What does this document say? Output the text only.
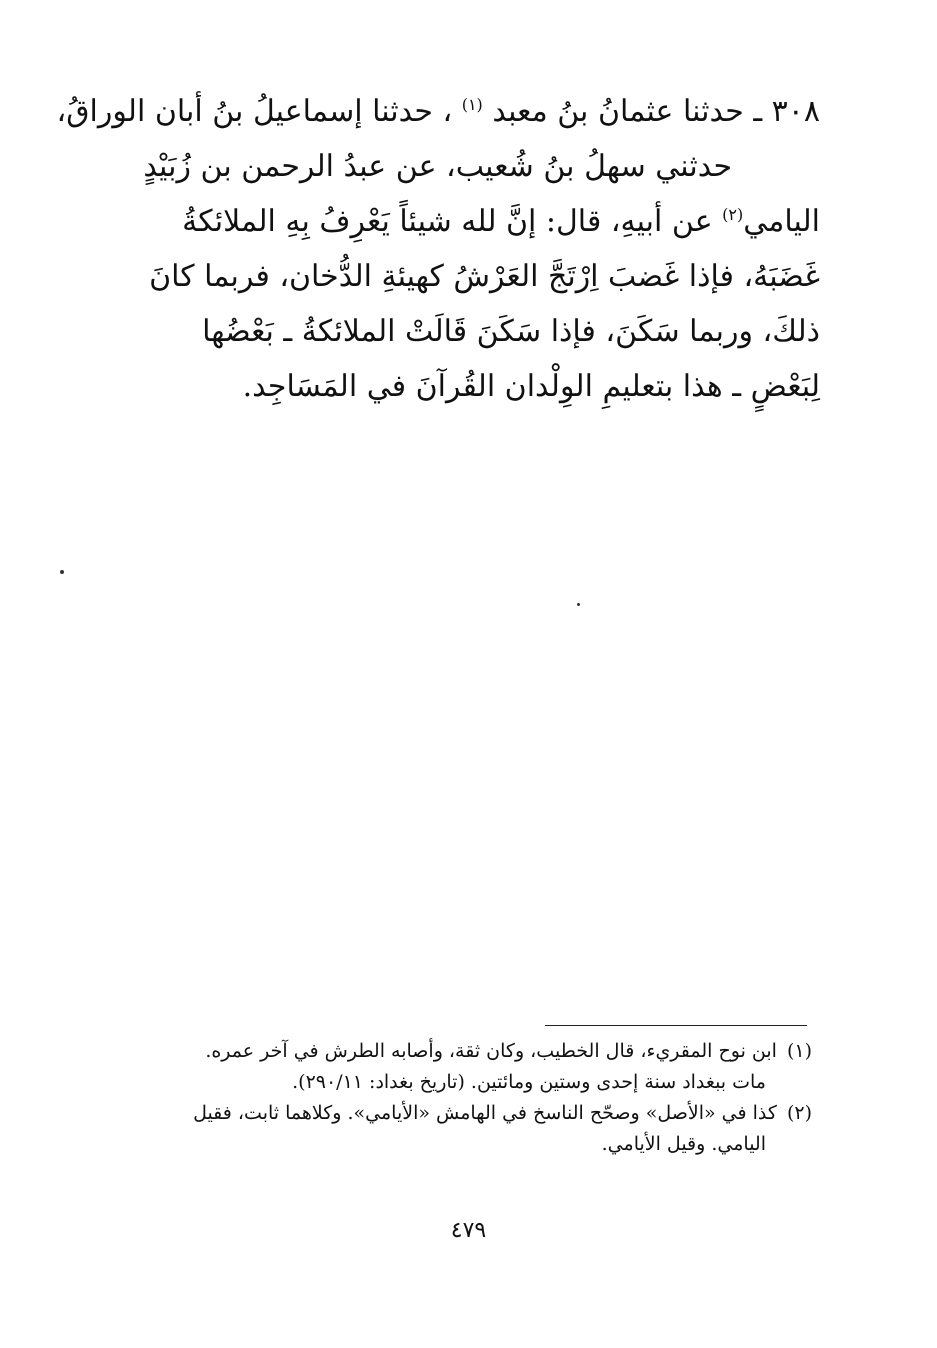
٣٠٨ ـ حدثنا عثمانُ بنُ معبد $^{(١)}$ ، حدثنا إسماعيلُ بنُ أبان الوراقُ،
حدثني سهلُ بنُ شُعيب، عن عبدُ الرحمن بن زُبَيْدٍ
اليامي$^{(٢)}$ عن أبيهِ، قال: إنَّ لله شيئاً يَعْرِفُ بِهِ الملائكةُ
غَضَبَهُ، فإذا غَضبَ اِرْتَجَّ العَرْشُ كهيئةِ الدُّخان، فربما كانَ
ذلكَ، وربما سَكَنَ، فإذا سَكَنَ قَالَتْ الملائكةُ ـ بَعْضُها
لِبَعْضٍ ـ هذا بتعليمِ الوِلْدان القُرآنَ في المَسَاجِد.
(١)ابن نوح المقريء، قال الخطيب، وكان ثقة، وأصابه الطرش في آخر عمره.
مات ببغداد سنة إحدى وستين ومائتين. (تاريخ بغداد: ٢٩٠/١١).
(٢)كذا في «الأصل» وصحّح الناسخ في الهامش «الأيامي». وكلاهما ثابت، فقيل
اليامي. وقيل الأيامي.
٤٧٩
